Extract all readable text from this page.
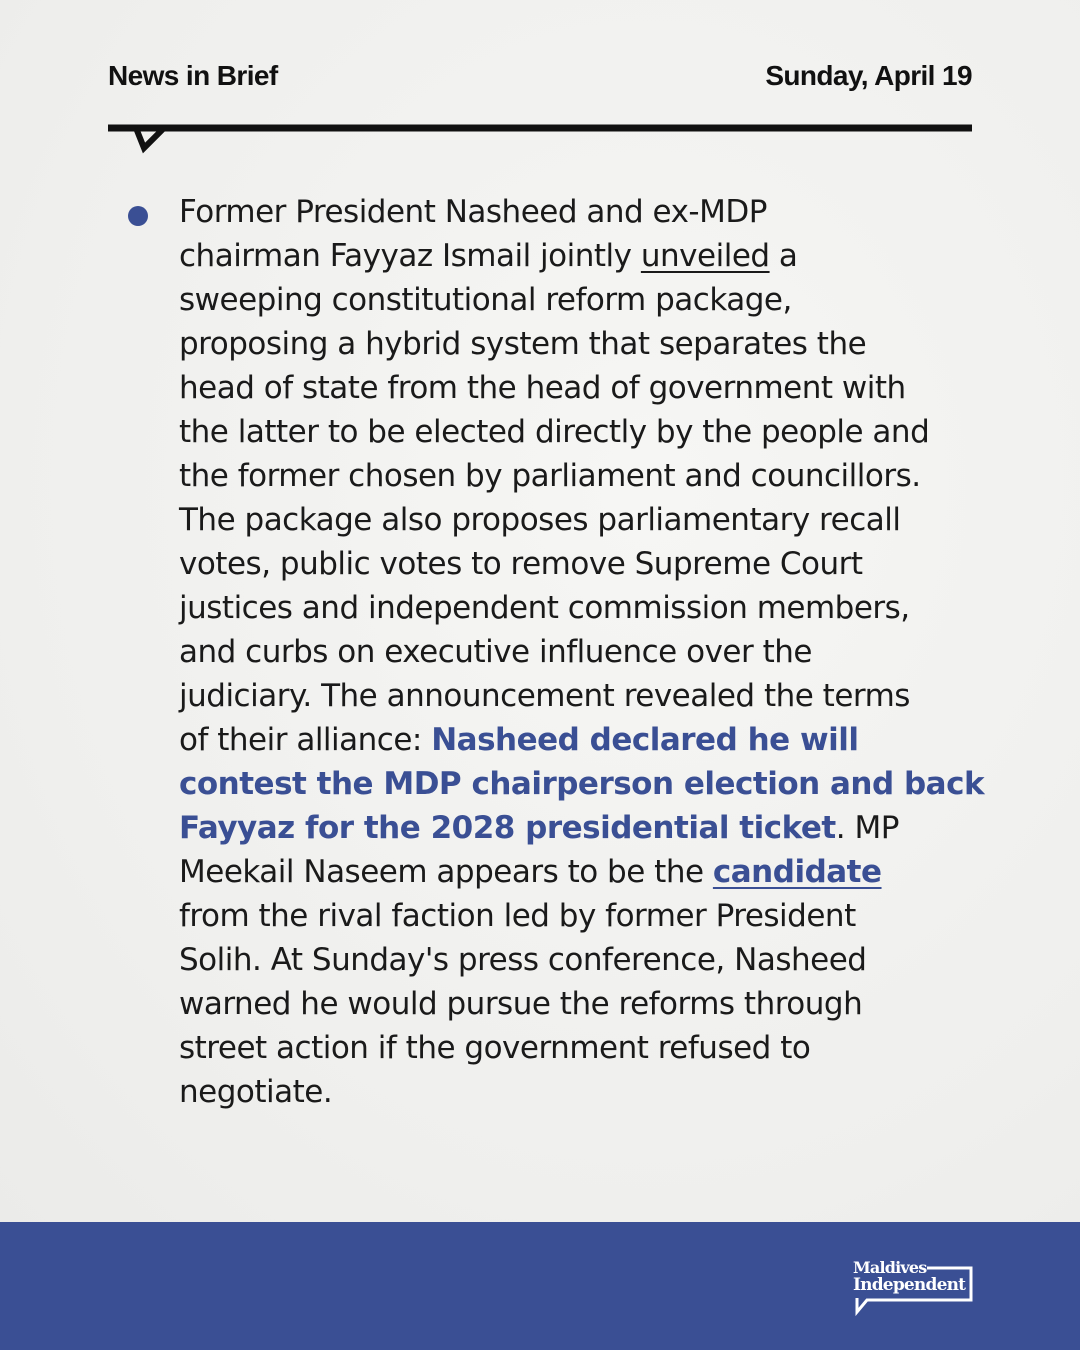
News in Brief	Sunday, April 19

Former President Nasheed and ex-MDP
chairman Fayyaz Ismail jointly unveiled a
sweeping constitutional reform package,
proposing a hybrid system that separates the
head of state from the head of government with
the latter to be elected directly by the people and
the former chosen by parliament and councillors.
The package also proposes parliamentary recall
votes, public votes to remove Supreme Court
justices and independent commission members,
and curbs on executive influence over the
judiciary. The announcement revealed the terms
of their alliance: Nasheed declared he will
contest the MDP chairperson election and back
Fayyaz for the 2028 presidential ticket. MP
Meekail Naseem appears to be the candidate
from the rival faction led by former President
Solih. At Sunday's press conference, Nasheed
warned he would pursue the reforms through
street action if the government refused to
negotiate.

Maldives
Independent
